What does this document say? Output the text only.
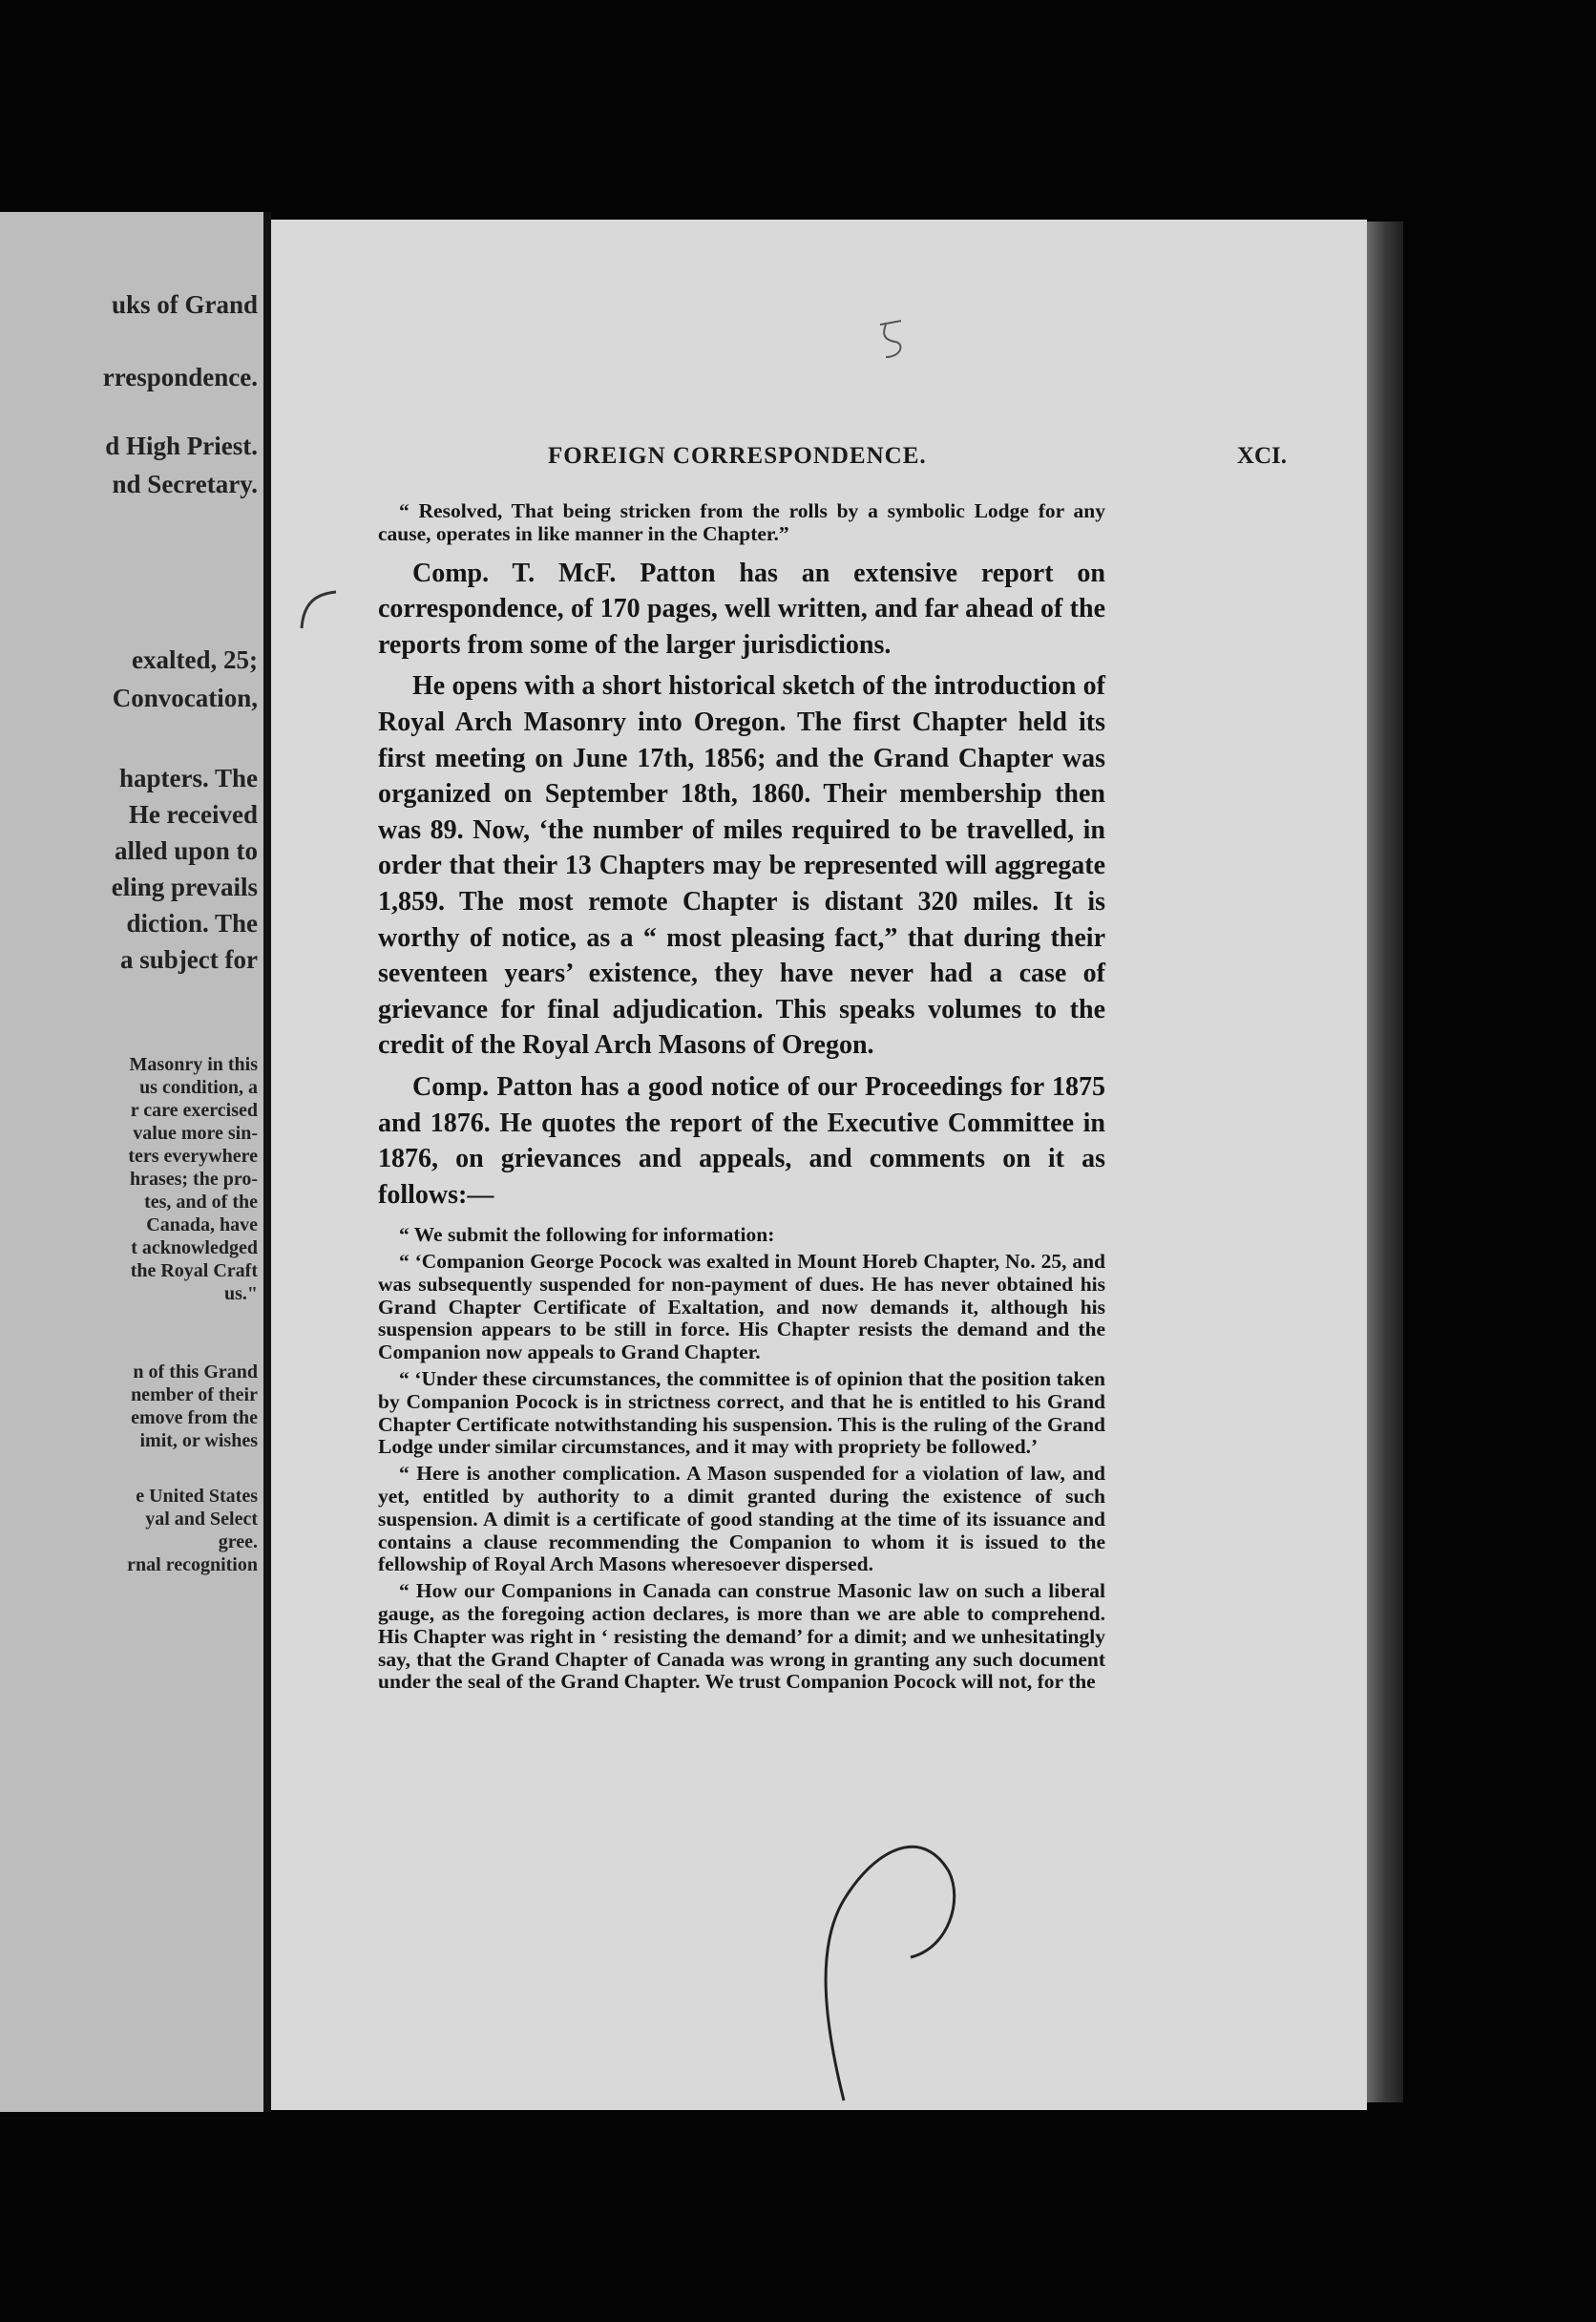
uks of Grand
rrespondence.
d High Priest.
nd Secretary.
exalted, 25;
Convocation,
hapters. The
He received
alled upon to
eling prevails
diction. The
a subject for
Masonry in this
us condition, a
r care exercised
value more sin-
ters everywhere
hrases; the pro-
tes, and of the
Canada, have
t acknowledged
the Royal Craft
us."
n of this Grand
nember of their
emove from the
imit, or wishes
e United States
yal and Select
gree.
rnal recognition
FOREIGN CORRESPONDENCE.	XCI.

“ Resolved, That being stricken from the rolls by a symbolic Lodge for any cause, operates in like manner in the Chapter.”

Comp. T. McF. Patton has an extensive report on correspondence, of 170 pages, well written, and far ahead of the reports from some of the larger jurisdictions.

He opens with a short historical sketch of the introduction of Royal Arch Masonry into Oregon. The first Chapter held its first meeting on June 17th, 1856; and the Grand Chapter was organized on September 18th, 1860. Their membership then was 89. Now, ‘the number of miles required to be travelled, in order that their 13 Chapters may be represented will aggregate 1,859. The most remote Chapter is distant 320 miles. It is worthy of notice, as a “ most pleasing fact,” that during their seventeen years’ existence, they have never had a case of grievance for final adjudication. This speaks volumes to the credit of the Royal Arch Masons of Oregon.

Comp. Patton has a good notice of our Proceedings for 1875 and 1876. He quotes the report of the Executive Committee in 1876, on grievances and appeals, and comments on it as follows:—

“ We submit the following for information:

“ ‘Companion George Pocock was exalted in Mount Horeb Chapter, No. 25, and was subsequently suspended for non-payment of dues. He has never obtained his Grand Chapter Certificate of Exaltation, and now demands it, although his suspension appears to be still in force. His Chapter resists the demand and the Companion now appeals to Grand Chapter.

“ ‘Under these circumstances, the committee is of opinion that the position taken by Companion Pocock is in strictness correct, and that he is entitled to his Grand Chapter Certificate notwithstanding his suspension. This is the ruling of the Grand Lodge under similar circumstances, and it may with propriety be followed.’

“ Here is another complication. A Mason suspended for a violation of law, and yet, entitled by authority to a dimit granted during the existence of such suspension. A dimit is a certificate of good standing at the time of its issuance and contains a clause recommending the Companion to whom it is issued to the fellowship of Royal Arch Masons wheresoever dispersed.

“ How our Companions in Canada can construe Masonic law on such a liberal gauge, as the foregoing action declares, is more than we are able to comprehend. His Chapter was right in ‘ resisting the demand’ for a dimit; and we unhesitatingly say, that the Grand Chapter of Canada was wrong in granting any such document under the seal of the Grand Chapter. We trust Companion Pocock will not, for the
